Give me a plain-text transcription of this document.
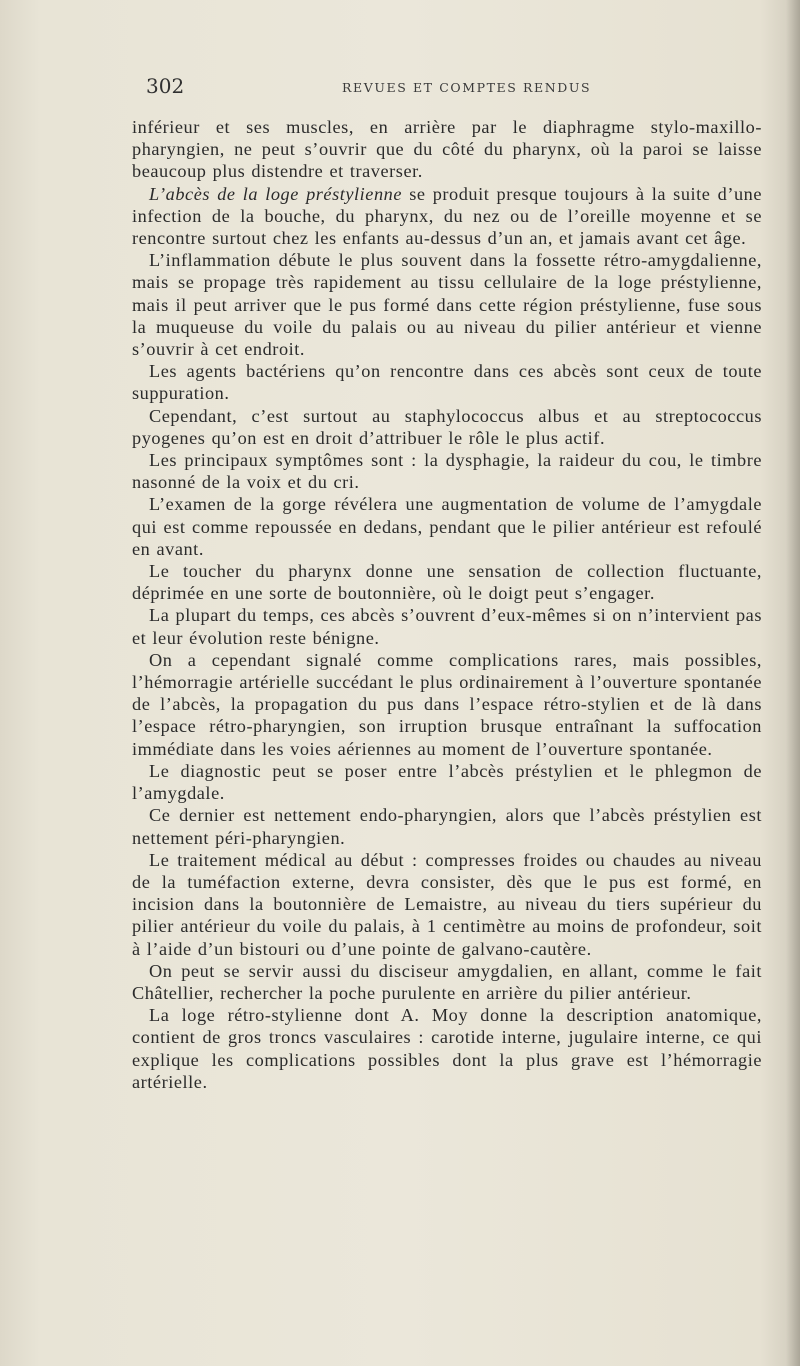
302	REVUES ET COMPTES RENDUS

inférieur et ses muscles, en arrière par le diaphragme stylo-maxillo-pharyngien, ne peut s’ouvrir que du côté du pharynx, où la paroi se laisse beaucoup plus distendre et traverser.

L’abcès de la loge préstylienne se produit presque toujours à la suite d’une infection de la bouche, du pharynx, du nez ou de l’oreille moyenne et se rencontre surtout chez les enfants au-dessus d’un an, et jamais avant cet âge.

L’inflammation débute le plus souvent dans la fossette rétro-amygdalienne, mais se propage très rapidement au tissu cellulaire de la loge préstylienne, mais il peut arriver que le pus formé dans cette région préstylienne, fuse sous la muqueuse du voile du palais ou au niveau du pilier antérieur et vienne s’ouvrir à cet endroit.

Les agents bactériens qu’on rencontre dans ces abcès sont ceux de toute suppuration.

Cependant, c’est surtout au staphylococcus albus et au streptococcus pyogenes qu’on est en droit d’attribuer le rôle le plus actif.

Les principaux symptômes sont : la dysphagie, la raideur du cou, le timbre nasonné de la voix et du cri.

L’examen de la gorge révélera une augmentation de volume de l’amygdale qui est comme repoussée en dedans, pendant que le pilier antérieur est refoulé en avant.

Le toucher du pharynx donne une sensation de collection fluctuante, déprimée en une sorte de boutonnière, où le doigt peut s’engager.

La plupart du temps, ces abcès s’ouvrent d’eux-mêmes si on n’intervient pas et leur évolution reste bénigne.

On a cependant signalé comme complications rares, mais possibles, l’hémorragie artérielle succédant le plus ordinairement à l’ouverture spontanée de l’abcès, la propagation du pus dans l’espace rétro-stylien et de là dans l’espace rétro-pharyngien, son irruption brusque entraînant la suffocation immédiate dans les voies aériennes au moment de l’ouverture spontanée.

Le diagnostic peut se poser entre l’abcès préstylien et le phlegmon de l’amygdale.

Ce dernier est nettement endo-pharyngien, alors que l’abcès préstylien est nettement péri-pharyngien.

Le traitement médical au début : compresses froides ou chaudes au niveau de la tuméfaction externe, devra consister, dès que le pus est formé, en incision dans la boutonnière de Lemaistre, au niveau du tiers supérieur du pilier antérieur du voile du palais, à 1 centimètre au moins de profondeur, soit à l’aide d’un bistouri ou d’une pointe de galvano-cautère.

On peut se servir aussi du disciseur amygdalien, en allant, comme le fait Châtellier, rechercher la poche purulente en arrière du pilier antérieur.

La loge rétro-stylienne dont A. Moy donne la description anatomique, contient de gros troncs vasculaires : carotide interne, jugulaire interne, ce qui explique les complications possibles dont la plus grave est l’hémorragie artérielle.
